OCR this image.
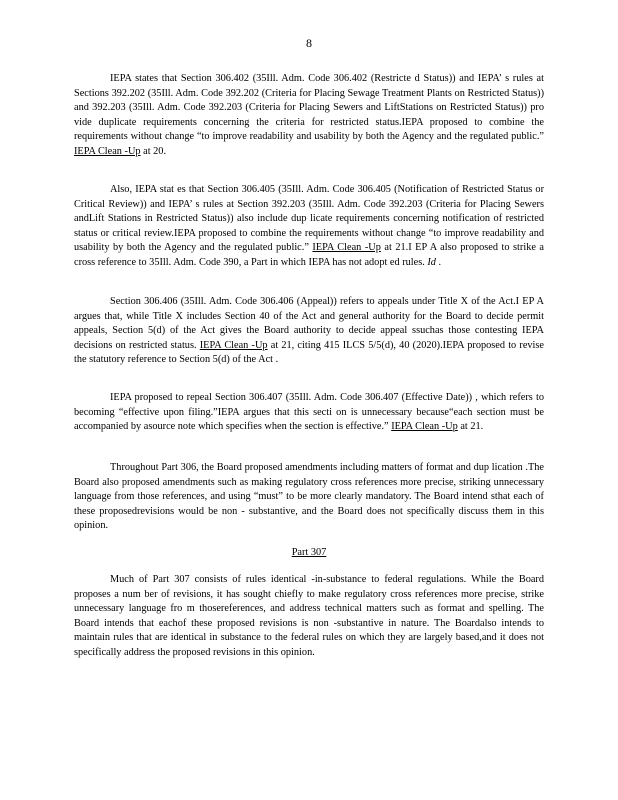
8

IEPA states that Section 306.402 (35Ill. Adm. Code 306.402 (Restricte d Status)) and IEPA’ s rules at Sections 392.202 (35Ill. Adm. Code 392.202 (Criteria for Placing Sewage Treatment Plants on Restricted Status)) and 392.203 (35Ill. Adm. Code 392.203 (Criteria for Placing Sewers and LiftStations on Restricted Status)) pro vide duplicate requirements concerning the criteria for restricted status.IEPA proposed to combine the requirements without change “to improve readability and usability by both the Agency and the regulated public.” IEPA Clean -Up at 20.

Also, IEPA stat es that Section 306.405 (35Ill. Adm. Code 306.405 (Notification of Restricted Status or Critical Review)) and IEPA’ s rules at Section 392.203 (35Ill. Adm. Code 392.203 (Criteria for Placing Sewers andLift Stations in Restricted Status)) also include dup licate requirements concerning notification of restricted status or critical review.IEPA proposed to combine the requirements without change “to improve readability and usability by both the Agency and the regulated public.” IEPA Clean -Up at 21.I EP A also proposed to strike a cross reference to 35Ill. Adm. Code 390, a Part in which IEPA has not adopt ed rules. Id .

Section 306.406 (35Ill. Adm. Code 306.406 (Appeal)) refers to appeals under Title X of the Act.I EP A argues that, while Title X includes Section 40 of the Act and general authority for the Board to decide permit appeals, Section 5(d) of the Act gives the Board authority to decide appeal ssuchas those contesting IEPA decisions on restricted status. IEPA Clean -Up at 21, citing 415 ILCS 5/5(d), 40 (2020).IEPA proposed to revise the statutory reference to Section 5(d) of the Act .

IEPA proposed to repeal Section 306.407 (35Ill. Adm. Code 306.407 (Effective Date)) , which refers to becoming “effective upon filing.”IEPA argues that this secti on is unnecessary because“each section must be accompanied by asource note which specifies when the section is effective.” IEPA Clean -Up at 21.

Throughout Part 306, the Board proposed amendments including matters of format and dup lication .The Board also proposed amendments such as making regulatory cross references more precise, striking unnecessary language from those references, and using “must” to be more clearly mandatory. The Board intend sthat each of these proposedrevisions would be non - substantive, and the Board does not specifically discuss them in this opinion.

Part 307

Much of Part 307 consists of rules identical -in-substance to federal regulations. While the Board proposes a num ber of revisions, it has sought chiefly to make regulatory cross references more precise, strike unnecessary language fro m thosereferences, and address technical matters such as format and spelling. The Board intends that eachof these proposed revisions is non -substantive in nature. The Boardalso intends to maintain rules that are identical in substance to the federal rules on which they are largely based,and it does not specifically address the proposed revisions in this opinion.
